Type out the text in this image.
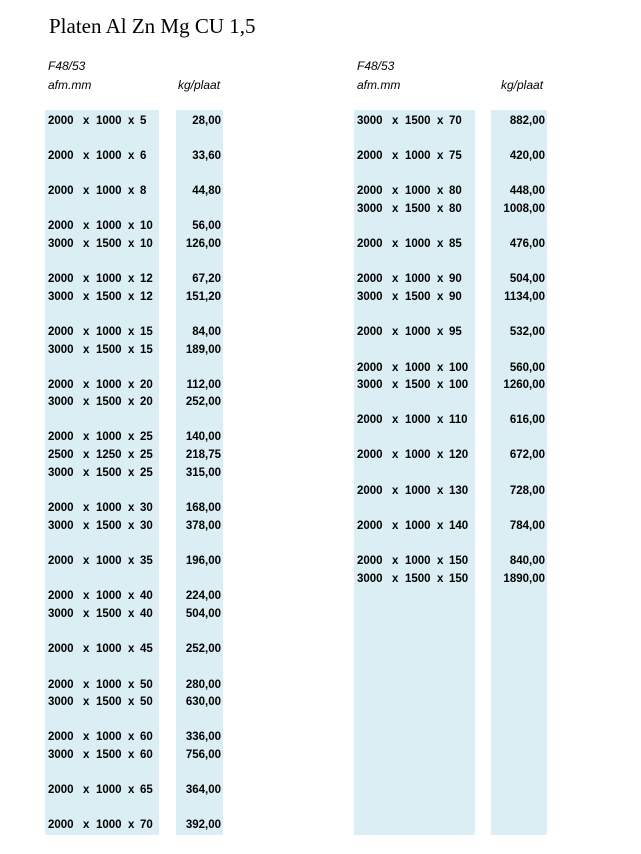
Platen Al Zn Mg CU 1,5
F48/53
afm.mm	kg/plaat
2000 x 1000 x 5	28,00
2000 x 1000 x 6	33,60
2000 x 1000 x 8	44,80
2000 x 1000 x 10	56,00
3000 x 1500 x 10	126,00
2000 x 1000 x 12	67,20
3000 x 1500 x 12	151,20
2000 x 1000 x 15	84,00
3000 x 1500 x 15	189,00
2000 x 1000 x 20	112,00
3000 x 1500 x 20	252,00
2000 x 1000 x 25	140,00
2500 x 1250 x 25	218,75
3000 x 1500 x 25	315,00
2000 x 1000 x 30	168,00
3000 x 1500 x 30	378,00
2000 x 1000 x 35	196,00
2000 x 1000 x 40	224,00
3000 x 1500 x 40	504,00
2000 x 1000 x 45	252,00
2000 x 1000 x 50	280,00
3000 x 1500 x 50	630,00
2000 x 1000 x 60	336,00
3000 x 1500 x 60	756,00
2000 x 1000 x 65	364,00
2000 x 1000 x 70	392,00
F48/53
afm.mm	kg/plaat
3000 x 1500 x 70	882,00
2000 x 1000 x 75	420,00
2000 x 1000 x 80	448,00
3000 x 1500 x 80	1008,00
2000 x 1000 x 85	476,00
2000 x 1000 x 90	504,00
3000 x 1500 x 90	1134,00
2000 x 1000 x 95	532,00
2000 x 1000 x 100	560,00
3000 x 1500 x 100	1260,00
2000 x 1000 x 110	616,00
2000 x 1000 x 120	672,00
2000 x 1000 x 130	728,00
2000 x 1000 x 140	784,00
2000 x 1000 x 150	840,00
3000 x 1500 x 150	1890,00
